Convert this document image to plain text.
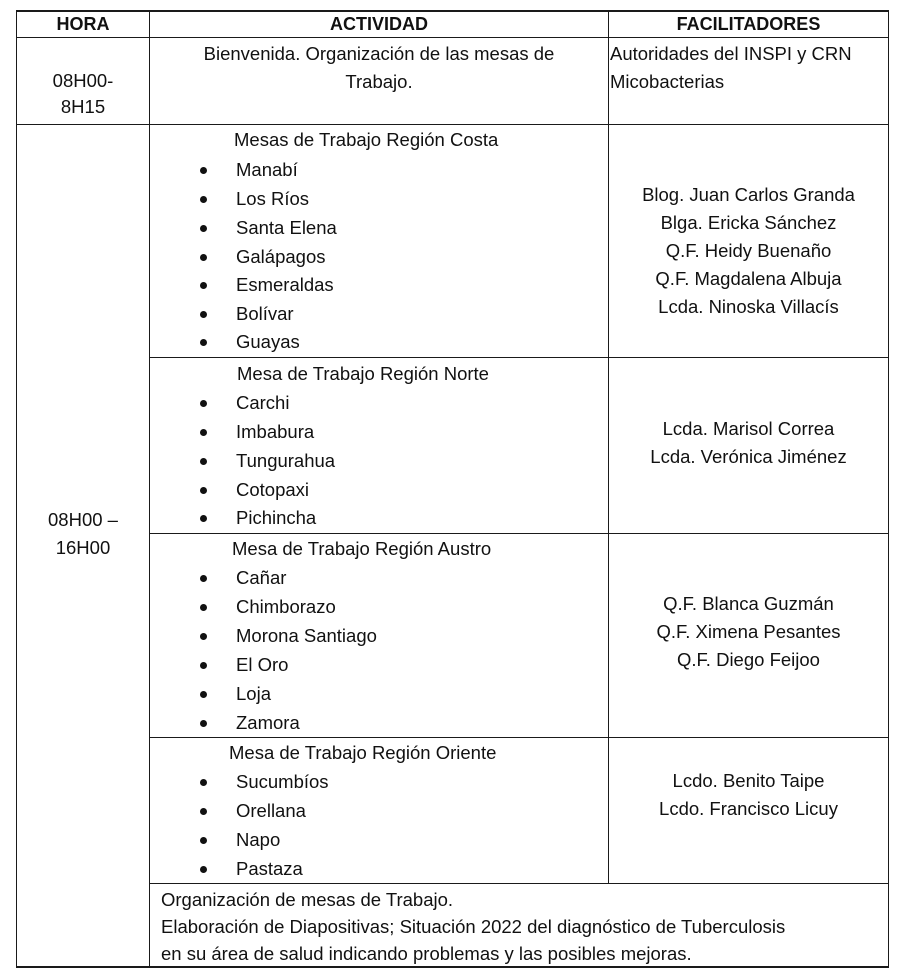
HORA	ACTIVIDAD	FACILITADORES
08H00-
8H15
Bienvenida. Organización de las mesas de
Trabajo.
Autoridades del INSPI y CRN
Micobacterias
08H00 –
16H00
Mesas de Trabajo Región Costa
Manabí
Los Ríos
Santa Elena
Galápagos
Esmeraldas
Bolívar
Guayas
Blog. Juan Carlos Granda
Blga. Ericka Sánchez
Q.F. Heidy Buenaño
Q.F. Magdalena Albuja
Lcda. Ninoska Villacís
Mesa de Trabajo Región Norte
Carchi
Imbabura
Tungurahua
Cotopaxi
Pichincha
Lcda. Marisol Correa
Lcda. Verónica Jiménez
Mesa de Trabajo Región Austro
Cañar
Chimborazo
Morona Santiago
El Oro
Loja
Zamora
Q.F. Blanca Guzmán
Q.F. Ximena Pesantes
Q.F. Diego Feijoo
Mesa de Trabajo Región Oriente
Sucumbíos
Orellana
Napo
Pastaza
Lcdo. Benito Taipe
Lcdo. Francisco Licuy
Organización de mesas de Trabajo.
Elaboración de Diapositivas; Situación 2022 del diagnóstico de Tuberculosis
en su área de salud indicando problemas y las posibles mejoras.
